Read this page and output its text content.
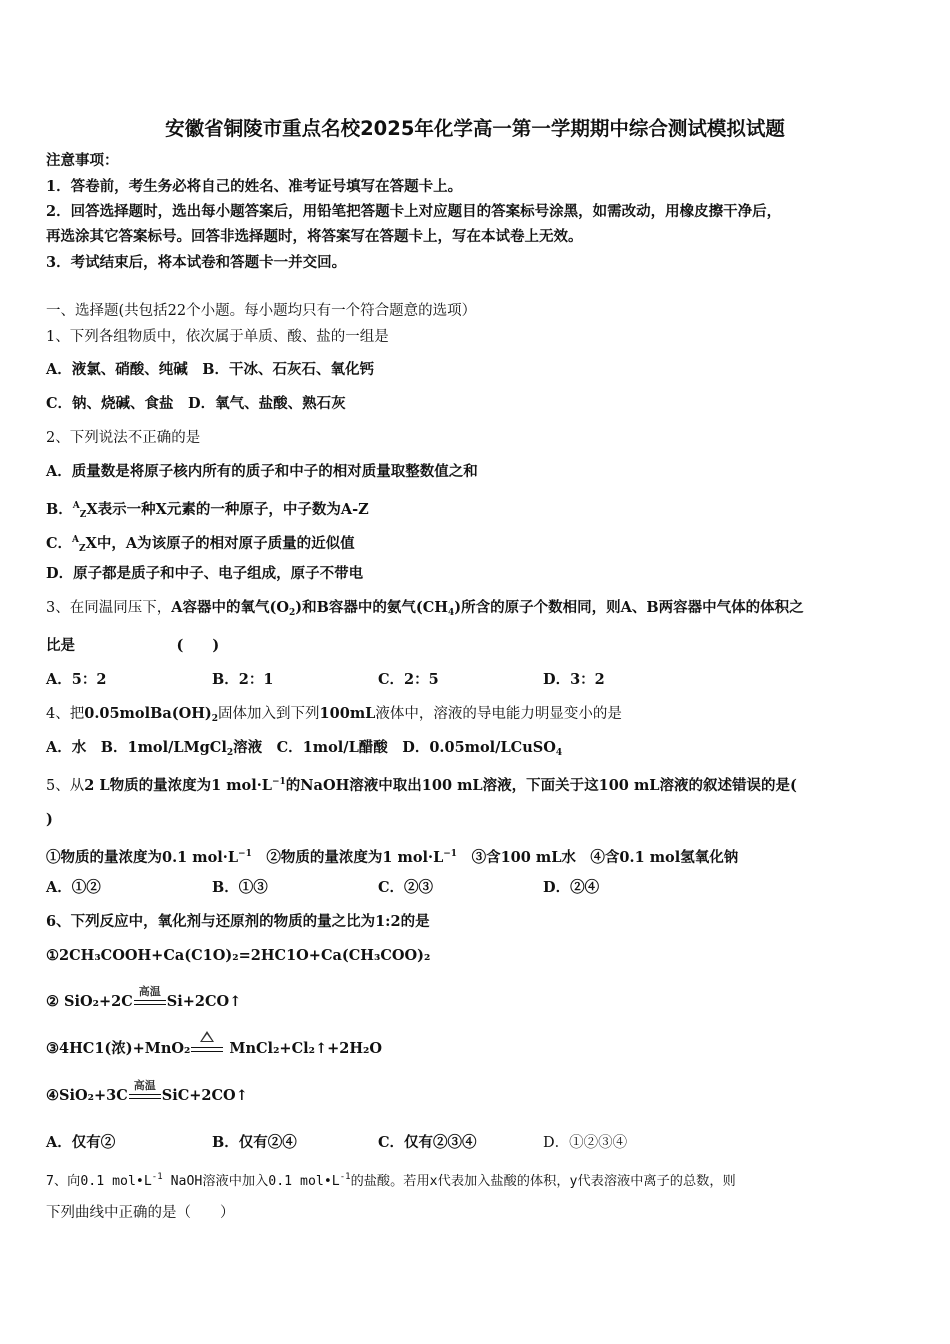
安徽省铜陵市重点名校2025年化学高一第一学期期中综合测试模拟试题
注意事项：
1．答卷前，考生务必将自己的姓名、准考证号填写在答题卡上。
2．回答选择题时，选出每小题答案后，用铅笔把答题卡上对应题目的答案标号涂黑，如需改动，用橡皮擦干净后，
再选涂其它答案标号。回答非选择题时，将答案写在答题卡上，写在本试卷上无效。
3．考试结束后，将本试卷和答题卡一并交回。
一、选择题(共包括22个小题。每小题均只有一个符合题意的选项）
1、下列各组物质中，依次属于单质、酸、盐的一组是
A．液氯、硝酸、纯碱　B．干冰、石灰石、氧化钙
C．钠、烧碱、食盐　D．氧气、盐酸、熟石灰
2、下列说法不正确的是
A．质量数是将原子核内所有的质子和中子的相对质量取整数值之和
B．$^A_Z$X表示一种X元素的一种原子，中子数为A-Z
C．$^A_Z$X中，A为该原子的相对原子质量的近似值
D．原子都是质子和中子、电子组成，原子不带电
3、在同温同压下，A容器中的氧气$(O_2)$和B容器中的氨气$(CH_4)$所含的原子个数相同，则A、B两容器中气体的体积之
比是　　　　　　　(　　)
A．5：2	B．2：1	C．2：5	D．3：2
4、把$0.05molBa(OH)_2$固体加入到下列100mL液体中，溶液的导电能力明显变小的是
A．水　B．1mol/LMgCl$_2$溶液　C．1mol/L醋酸　D．0.05mol/LCuSO$_4$
5、从2 L物质的量浓度为1 $mol\cdot L^{-1}$的NaOH溶液中取出100 mL溶液，下面关于这100 mL溶液的叙述错误的是(
)
①物质的量浓度为0.1 $mol\cdot L^{-1}$　②物质的量浓度为1 $mol\cdot L^{-1}$　③含100 mL水　④含0.1 mol氢氧化钠
A．①②	B．①③	C．②③	D．②④
6、下列反应中，氧化剂与还原剂的物质的量之比为1:2的是
①2CH₃COOH+Ca(C1O)₂=2HC1O+Ca(CH₃COO)₂
② SiO₂+2C
高温
Si+2CO↑
③4HC1(浓)+MnO₂
MnCl₂+Cl₂↑+2H₂O
④SiO₂+3C
高温
SiC+2CO↑
A．仅有②	B．仅有②④	C．仅有②③④	D．①②③④
7、向0.1 $mol•L^{-1}$ NaOH溶液中加入0.1 $mol•L^{-1}$的盐酸。若用x代表加入盐酸的体积，y代表溶液中离子的总数，则
下列曲线中正确的是（　　）
